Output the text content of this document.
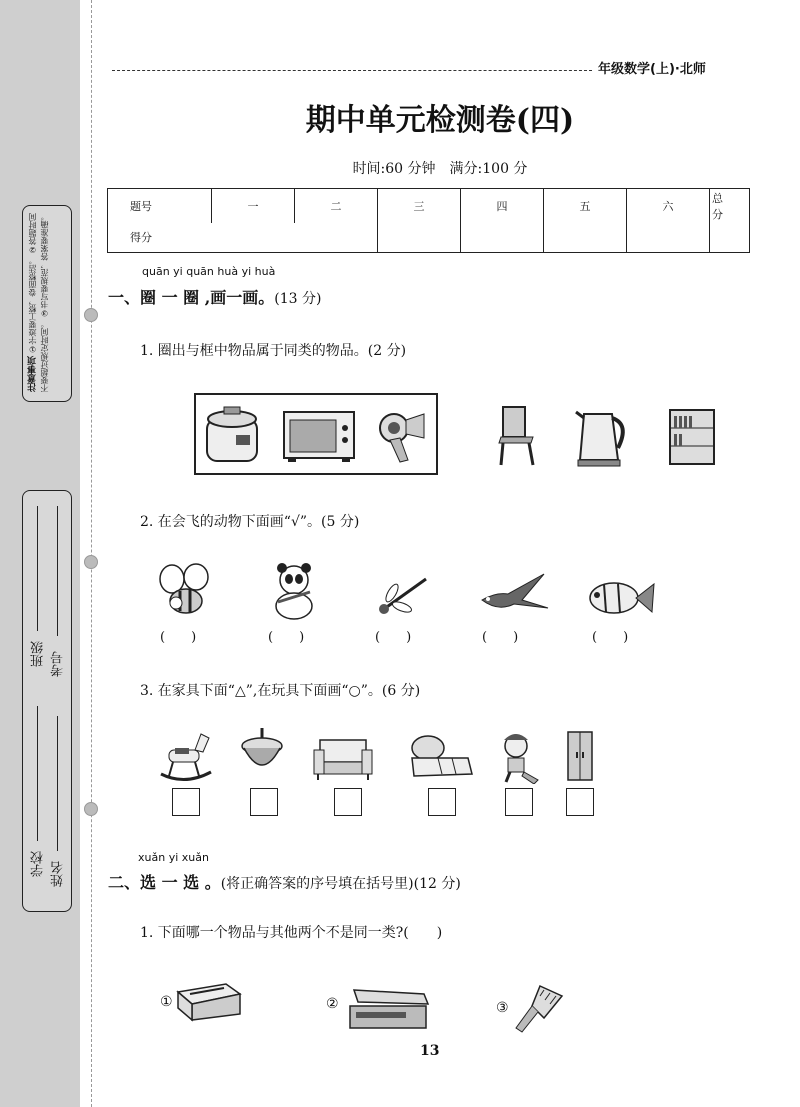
注意事项 ①字迹要工整，卷面整洁。 ②答题时间不要超过规定时间。 ③书写要规范，答案要准确。
班级 考号
学校 姓名
年级数学(上)·北师
期中单元检测卷(四)
时间:60 分钟　满分:100 分
题号	一	二	三	四	五	六	总分
得分							
quān yi quān huà yi huà
一、圈 一 圈 ,画一画。(13 分)
1. 圈出与框中物品属于同类的物品。(2 分)
2. 在会飞的动物下面画“√”。(5 分)
(　　)	(　　)	(　　)	(　　)	(　　)
3. 在家具下面“△”,在玩具下面画“○”。(6 分)
xuǎn yi xuǎn
二、选 一 选 。(将正确答案的序号填在括号里)(12 分)
1. 下面哪一个物品与其他两个不是同一类?(　　)
①	②	③
13
